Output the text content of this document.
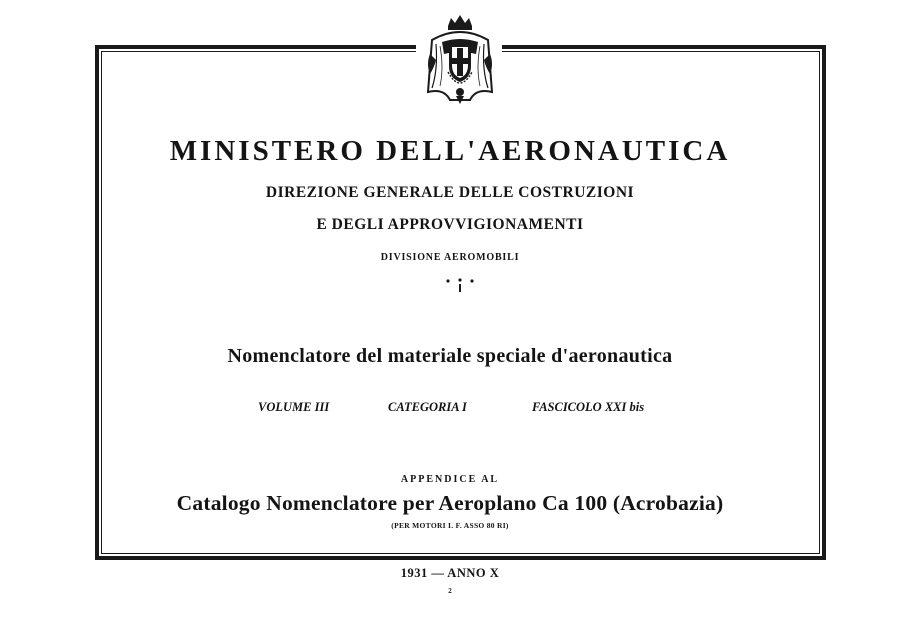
MINISTERO DELL'AERONAUTICA
DIREZIONE GENERALE DELLE COSTRUZIONI
E DEGLI APPROVVIGIONAMENTI
DIVISIONE AEROMOBILI
Nomenclatore del materiale speciale d'aeronautica
VOLUME III	CATEGORIA I	FASCICOLO XXI bis
APPENDICE AL
Catalogo Nomenclatore per Aeroplano Ca 100 (Acrobazia)
(PER MOTORI I. F. ASSO 80 RI)
1931 — ANNO X
2
